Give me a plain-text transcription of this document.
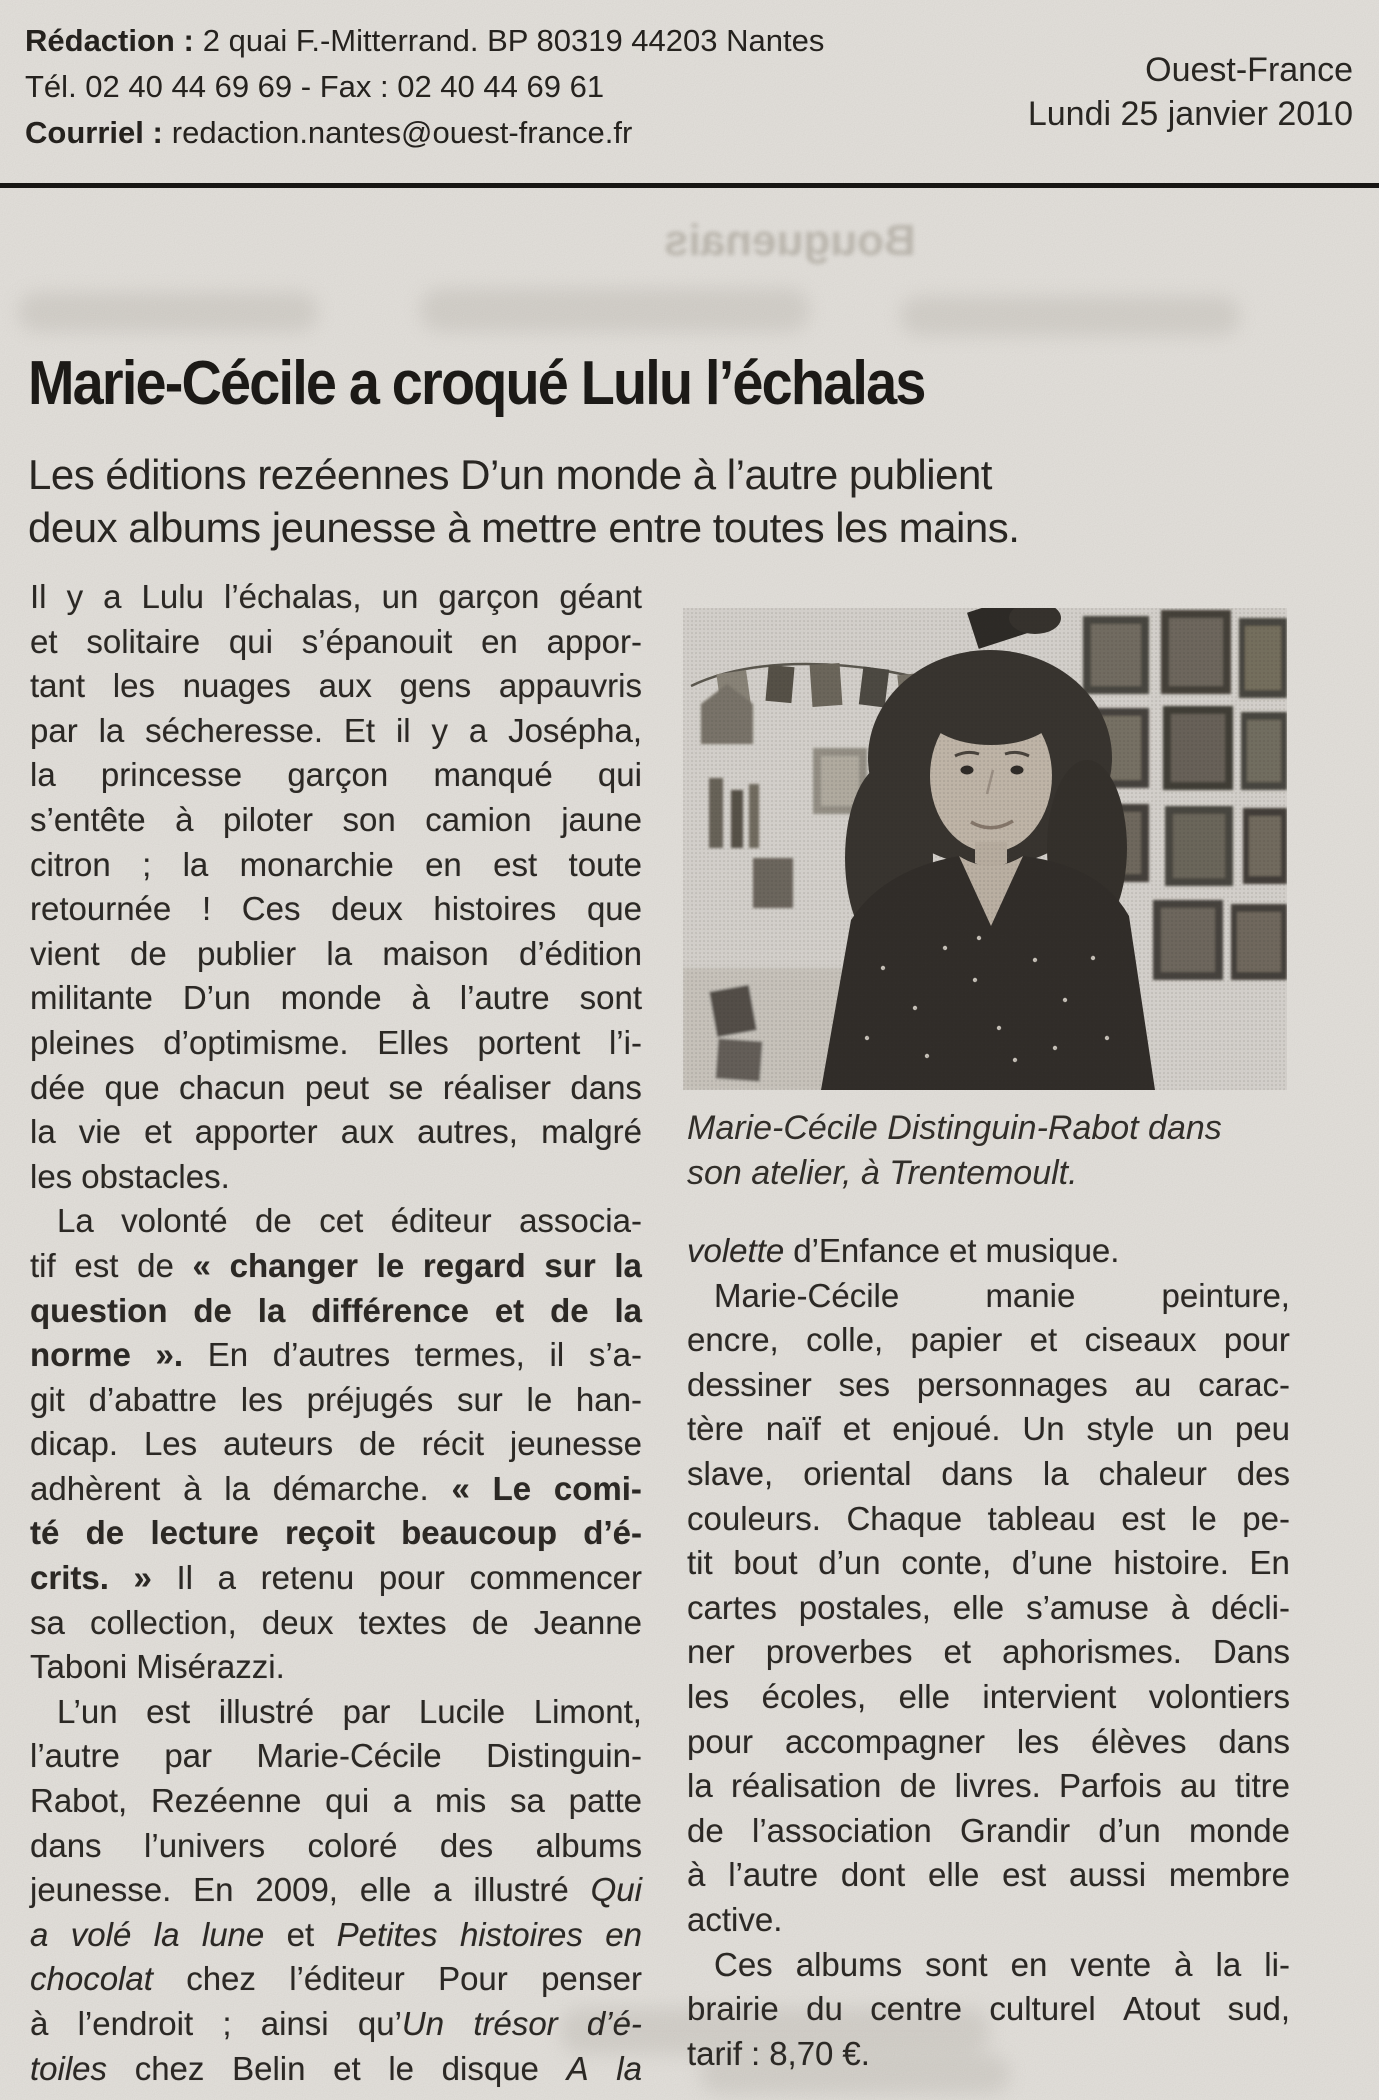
Bouguenais
Rédaction : 2 quai F.-Mitterrand. BP 80319 44203 Nantes
Tél. 02 40 44 69 69 - Fax : 02 40 44 69 61
Courriel : redaction.nantes@ouest-france.fr
Ouest-France
Lundi 25 janvier 2010
Marie-Cécile a croqué Lulu l’échalas
Les éditions rezéennes D’un monde à l’autre publient
deux albums jeunesse à mettre entre toutes les mains.
Il y a Lulu l’échalas, un garçon géant
et solitaire qui s’épanouit en appor-
tant les nuages aux gens appauvris
par la sécheresse. Et il y a Josépha,
la princesse garçon manqué qui
s’entête à piloter son camion jaune
citron ; la monarchie en est toute
retournée ! Ces deux histoires que
vient de publier la maison d’édition
militante D’un monde à l’autre sont
pleines d’optimisme. Elles portent l’i-
dée que chacun peut se réaliser dans
la vie et apporter aux autres, malgré
les obstacles.
La volonté de cet éditeur associa-
tif est de « changer le regard sur la
question de la différence et de la
norme ». En d’autres termes, il s’a-
git d’abattre les préjugés sur le han-
dicap. Les auteurs de récit jeunesse
adhèrent à la démarche. « Le comi-
té de lecture reçoit beaucoup d’é-
crits. » Il a retenu pour commencer
sa collection, deux textes de Jeanne
Taboni Misérazzi.
L’un est illustré par Lucile Limont,
l’autre par Marie-Cécile Distinguin-
Rabot, Rezéenne qui a mis sa patte
dans l’univers coloré des albums
jeunesse. En 2009, elle a illustré Qui
a volé la lune et Petites histoires en
chocolat chez l’éditeur Pour penser
à l’endroit ; ainsi qu’Un trésor d’é-
toiles chez Belin et le disque A la
Marie-Cécile Distinguin-Rabot dans
son atelier, à Trentemoult.
volette d’Enfance et musique.
Marie-Cécile	manie	peinture,
encre, colle, papier et ciseaux pour
dessiner ses personnages au carac-
tère naïf et enjoué. Un style un peu
slave, oriental dans la chaleur des
couleurs. Chaque tableau est le pe-
tit bout d’un conte, d’une histoire. En
cartes postales, elle s’amuse à décli-
ner proverbes et aphorismes. Dans
les écoles, elle intervient volontiers
pour accompagner les élèves dans
la réalisation de livres. Parfois au titre
de l’association Grandir d’un monde
à l’autre dont elle est aussi membre
active.
Ces albums sont en vente à la li-
brairie du centre culturel Atout sud,
tarif : 8,70 €.
